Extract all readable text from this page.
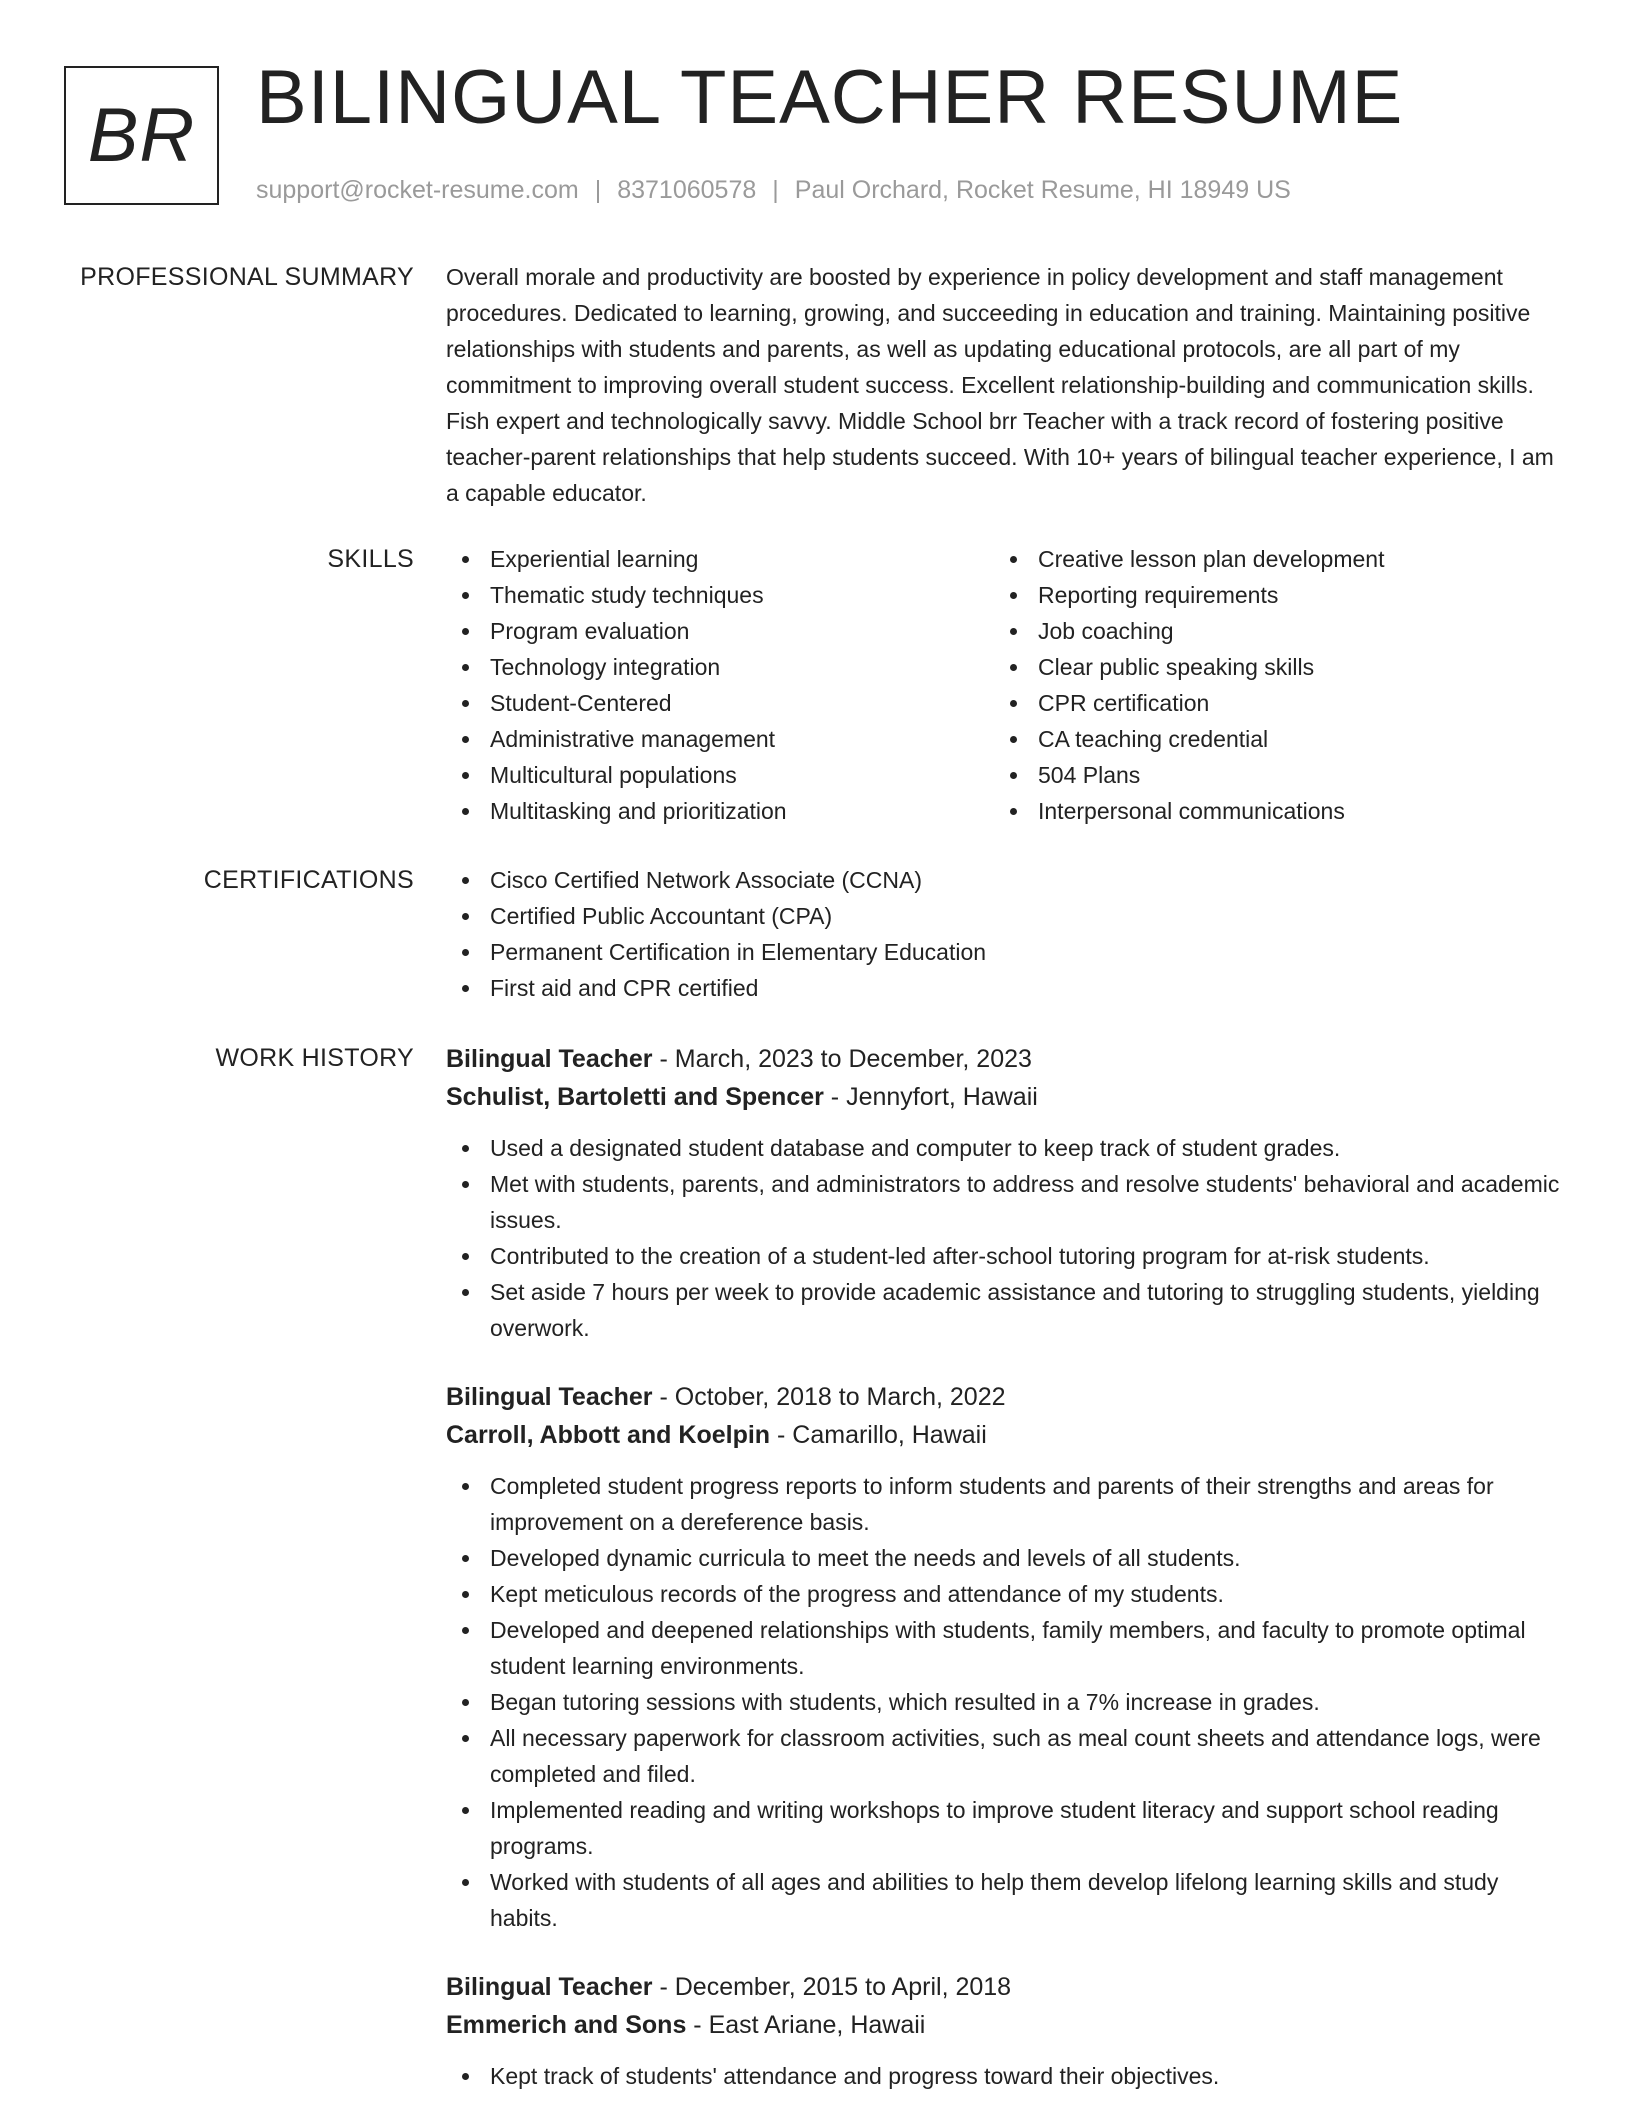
BR BILINGUAL TEACHER RESUME
support@rocket-resume.com | 8371060578 | Paul Orchard, Rocket Resume, HI 18949 US
PROFESSIONAL SUMMARY Overall morale and productivity are boosted by experience in policy development and staff management procedures. Dedicated to learning, growing, and succeeding in education and training. Maintaining positive relationships with students and parents, as well as updating educational protocols, are all part of my commitment to improving overall student success. Excellent relationship-building and communication skills. Fish expert and technologically savvy. Middle School brr Teacher with a track record of fostering positive teacher-parent relationships that help students succeed. With 10+ years of bilingual teacher experience, I am a capable educator.

SKILLS	Experiential learning
Thematic study techniques
Program evaluation
Technology integration
Student-Centered
Administrative management
Multicultural populations
Multitasking and prioritization
Creative lesson plan development
Reporting requirements
Job coaching
Clear public speaking skills
CPR certification
CA teaching credential
504 Plans
Interpersonal communications
CERTIFICATIONS	Cisco Certified Network Associate (CCNA)
Certified Public Accountant (CPA)
Permanent Certification in Elementary Education
First aid and CPR certified
WORK HISTORY Bilingual Teacher - March, 2023 to December, 2023
Schulist, Bartoletti and Spencer - Jennyfort, Hawaii
Used a designated student database and computer to keep track of student grades.
Met with students, parents, and administrators to address and resolve students' behavioral and academic issues.
Contributed to the creation of a student-led after-school tutoring program for at-risk students.
Set aside 7 hours per week to provide academic assistance and tutoring to struggling students, yielding overwork.
Bilingual Teacher - October, 2018 to March, 2022
Carroll, Abbott and Koelpin - Camarillo, Hawaii
Completed student progress reports to inform students and parents of their strengths and areas for improvement on a dereference basis.
Developed dynamic curricula to meet the needs and levels of all students.
Kept meticulous records of the progress and attendance of my students.
Developed and deepened relationships with students, family members, and faculty to promote optimal student learning environments.
Began tutoring sessions with students, which resulted in a 7% increase in grades.
All necessary paperwork for classroom activities, such as meal count sheets and attendance logs, were completed and filed.
Implemented reading and writing workshops to improve student literacy and support school reading programs.
Worked with students of all ages and abilities to help them develop lifelong learning skills and study habits.
Bilingual Teacher - December, 2015 to April, 2018
Emmerich and Sons - East Ariane, Hawaii
Kept track of students' attendance and progress toward their objectives.
